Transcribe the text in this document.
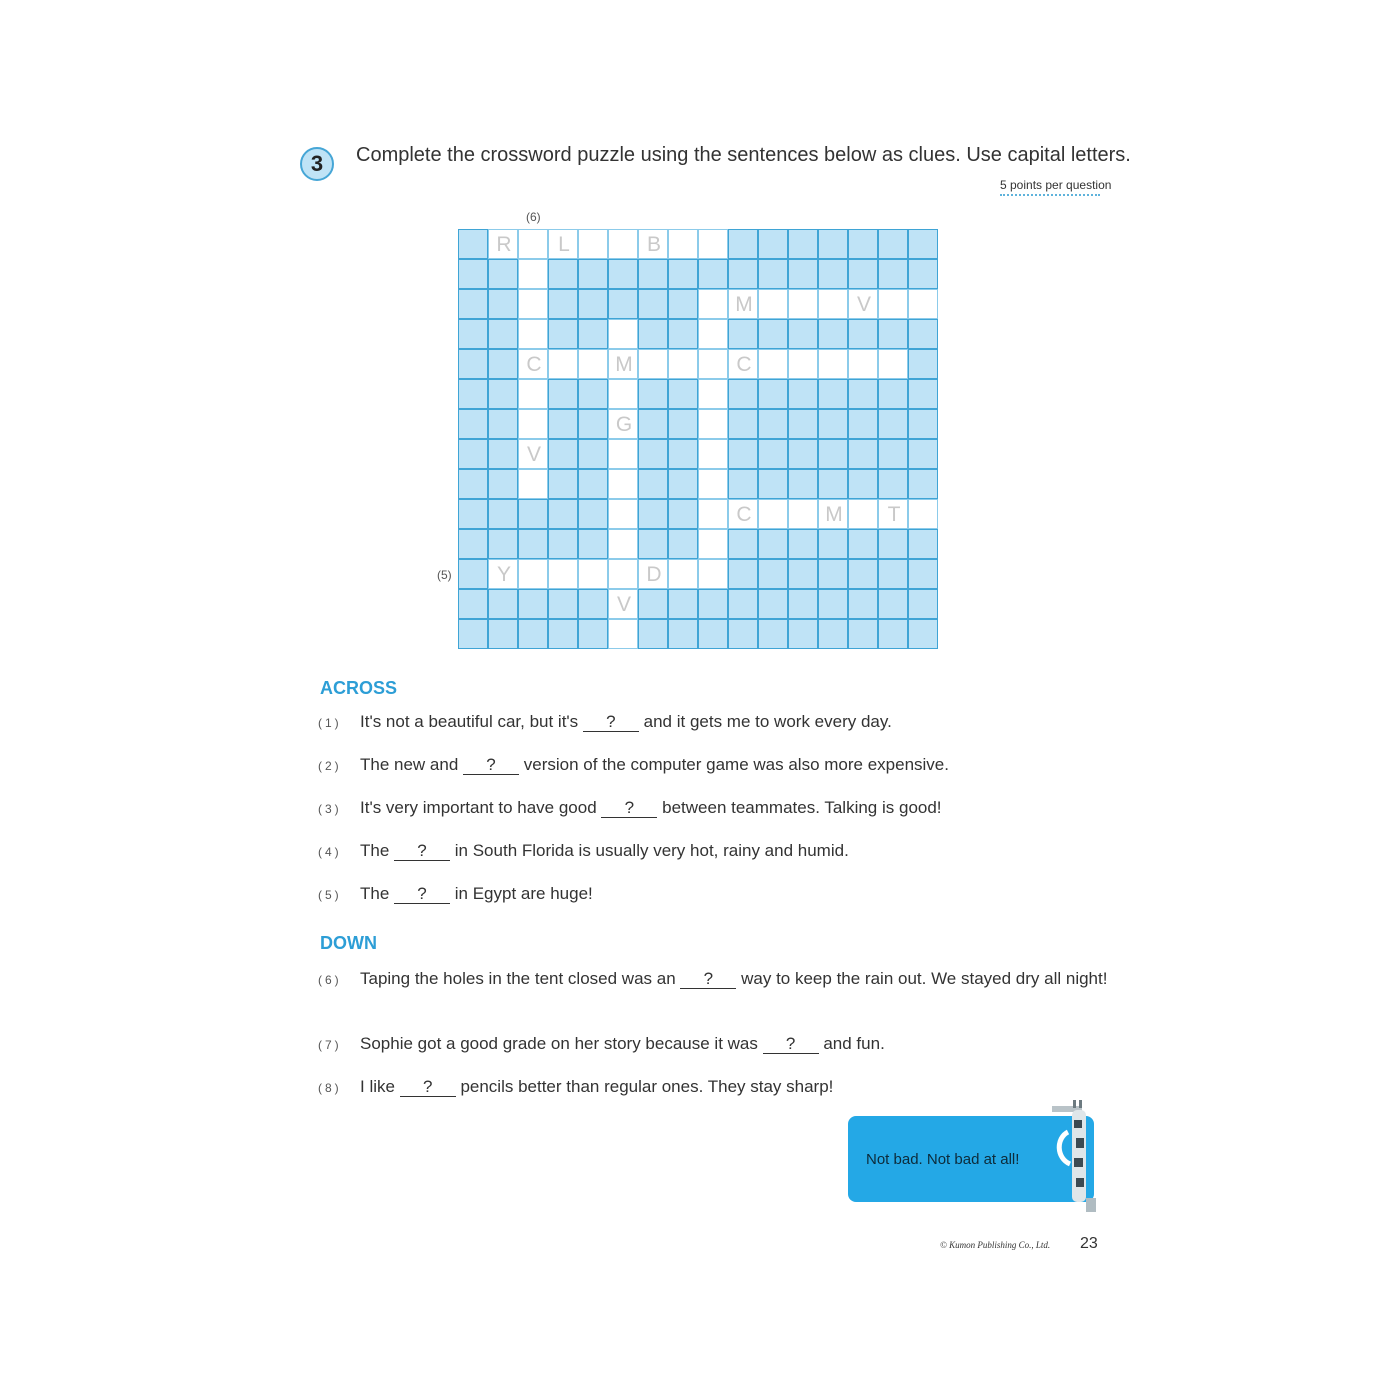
3	Complete the crossword puzzle using the sentences below as clues. Use capital letters.
5 points per question
(6)
(5)
R	L	B
M	V
C	M	C
G
V
C	M	T
Y	D
V
ACROSS
(1) It's not a beautiful car, but it's ? and it gets me to work every day.
(2) The new and ? version of the computer game was also more expensive.
(3) It's very important to have good ? between teammates. Talking is good!
(4) The ? in South Florida is usually very hot, rainy and humid.
(5) The ? in Egypt are huge!
DOWN
(6) Taping the holes in the tent closed was an ? way to keep the rain out. We stayed dry all night!
(7) Sophie got a good grade on her story because it was ? and fun.
(8) I like ? pencils better than regular ones. They stay sharp!
Not bad. Not bad at all!
© Kumon Publishing Co., Ltd. 23
